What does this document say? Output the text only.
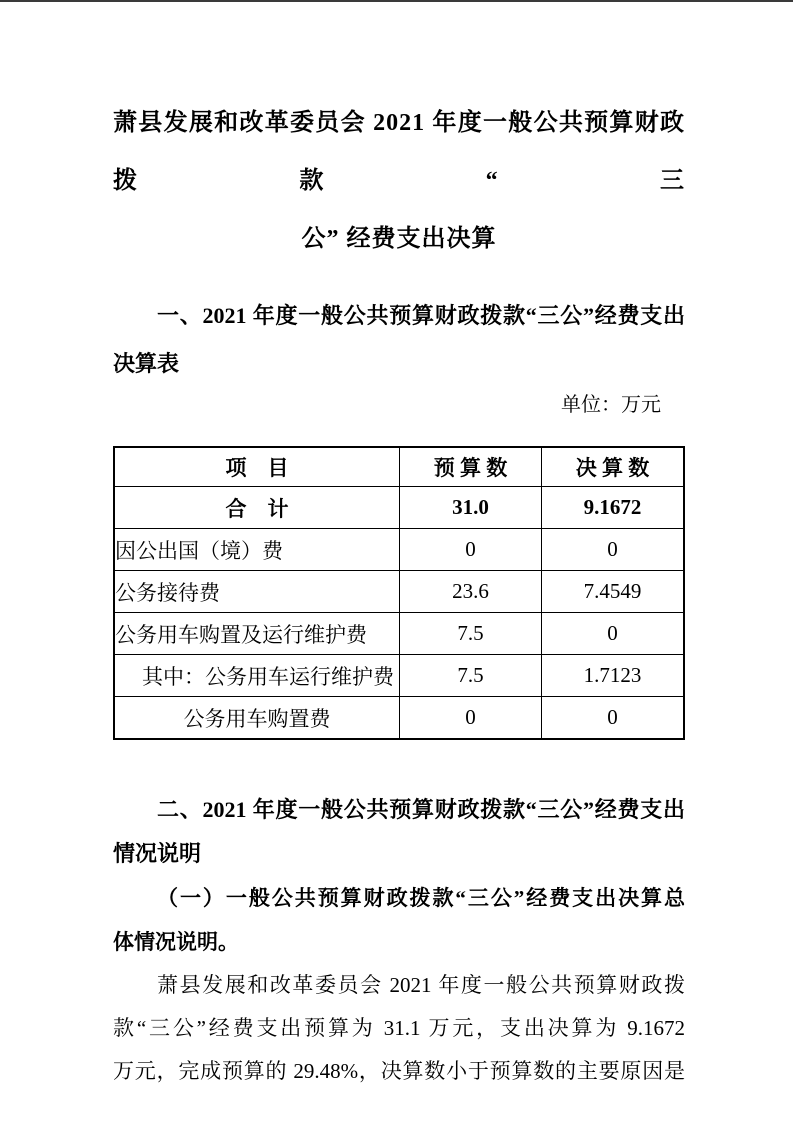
萧县发展和改革委员会 2021 年度一般公共预算财政拨款“三
公” 经费支出决算
一、2021 年度一般公共预算财政拨款“三公”经费支出
决算表
单位：万元
项　目	预 算 数	决 算 数
合　计	31.0	9.1672
因公出国（境）费	0	0
公务接待费	23.6	7.4549
公务用车购置及运行维护费	7.5	0
其中：公务用车运行维护费	7.5	1.7123
公务用车购置费	0	0
二、2021 年度一般公共预算财政拨款“三公”经费支出
情况说明
（一）一般公共预算财政拨款“三公”经费支出决算总
体情况说明。
萧县发展和改革委员会 2021 年度一般公共预算财政拨
款“三公”经费支出预算为 31.1 万元，支出决算为 9.1672
万元，完成预算的 29.48%，决算数小于预算数的主要原因是
